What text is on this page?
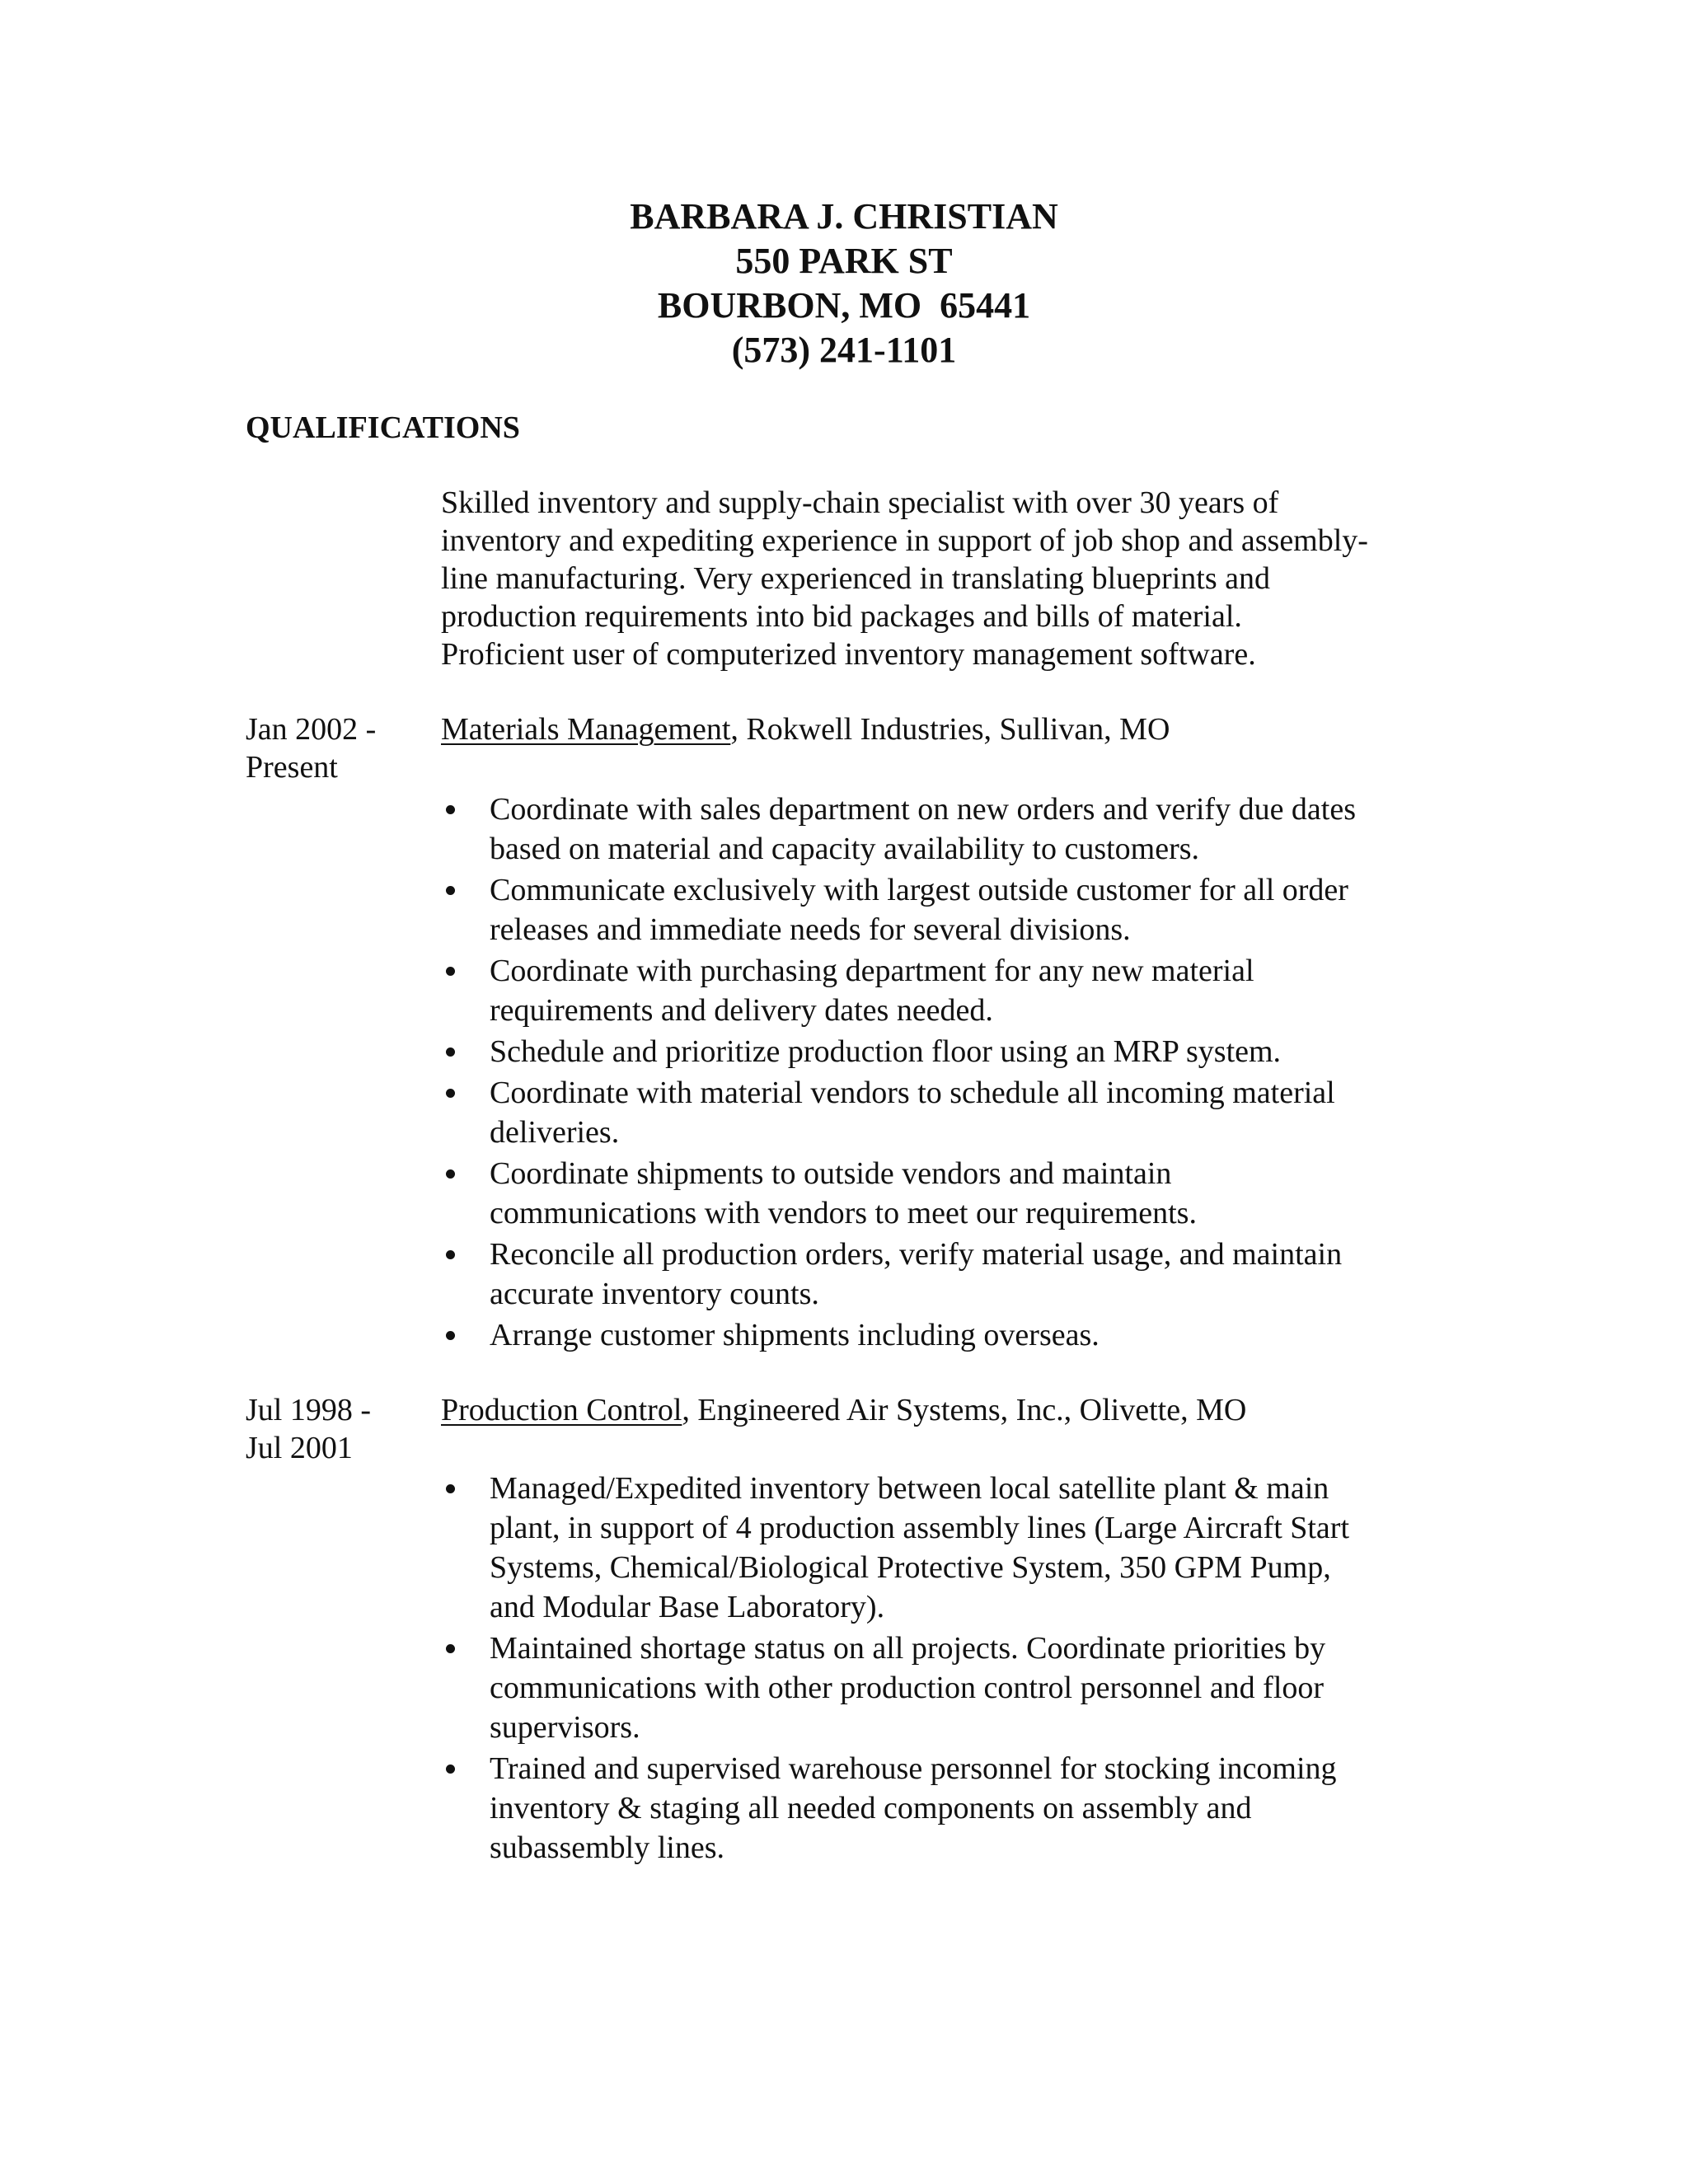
BARBARA J. CHRISTIAN
550 PARK ST
BOURBON, MO  65441
(573) 241-1101
QUALIFICATIONS
Skilled inventory and supply-chain specialist with over 30 years of
inventory and expediting experience in support of job shop and assembly-
line manufacturing. Very experienced in translating blueprints and
production requirements into bid packages and bills of material.
Proficient user of computerized inventory management software.
Jan 2002 -
Present
Materials Management, Rokwell Industries, Sullivan, MO
Coordinate with sales department on new orders and verify due dates
based on material and capacity availability to customers.
Communicate exclusively with largest outside customer for all order
releases and immediate needs for several divisions.
Coordinate with purchasing department for any new material
requirements and delivery dates needed.
Schedule and prioritize production floor using an MRP system.
Coordinate with material vendors to schedule all incoming material
deliveries.
Coordinate shipments to outside vendors and maintain
communications with vendors to meet our requirements.
Reconcile all production orders, verify material usage, and maintain
accurate inventory counts.
Arrange customer shipments including overseas.
Jul 1998 -
Jul 2001
Production Control, Engineered Air Systems, Inc., Olivette, MO
Managed/Expedited inventory between local satellite plant & main
plant, in support of 4 production assembly lines (Large Aircraft Start
Systems, Chemical/Biological Protective System, 350 GPM Pump,
and Modular Base Laboratory).
Maintained shortage status on all projects. Coordinate priorities by
communications with other production control personnel and floor
supervisors.
Trained and supervised warehouse personnel for stocking incoming
inventory & staging all needed components on assembly and
subassembly lines.
